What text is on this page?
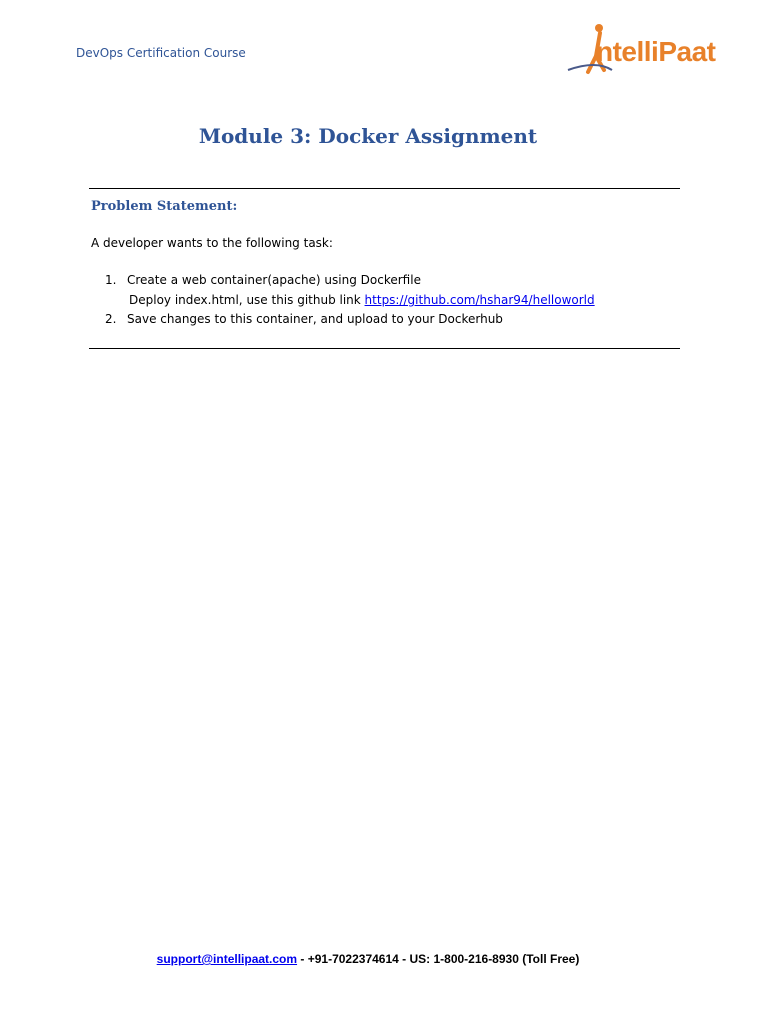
DevOps Certification Course	ntelliPaat
Module 3: Docker Assignment
Problem Statement:
A developer wants to the following task:
1. Create a web container(apache) using Dockerfile
Deploy index.html, use this github link https://github.com/hshar94/helloworld
2. Save changes to this container, and upload to your Dockerhub
support@intellipaat.com - +91-7022374614 - US: 1-800-216-8930 (Toll Free)
